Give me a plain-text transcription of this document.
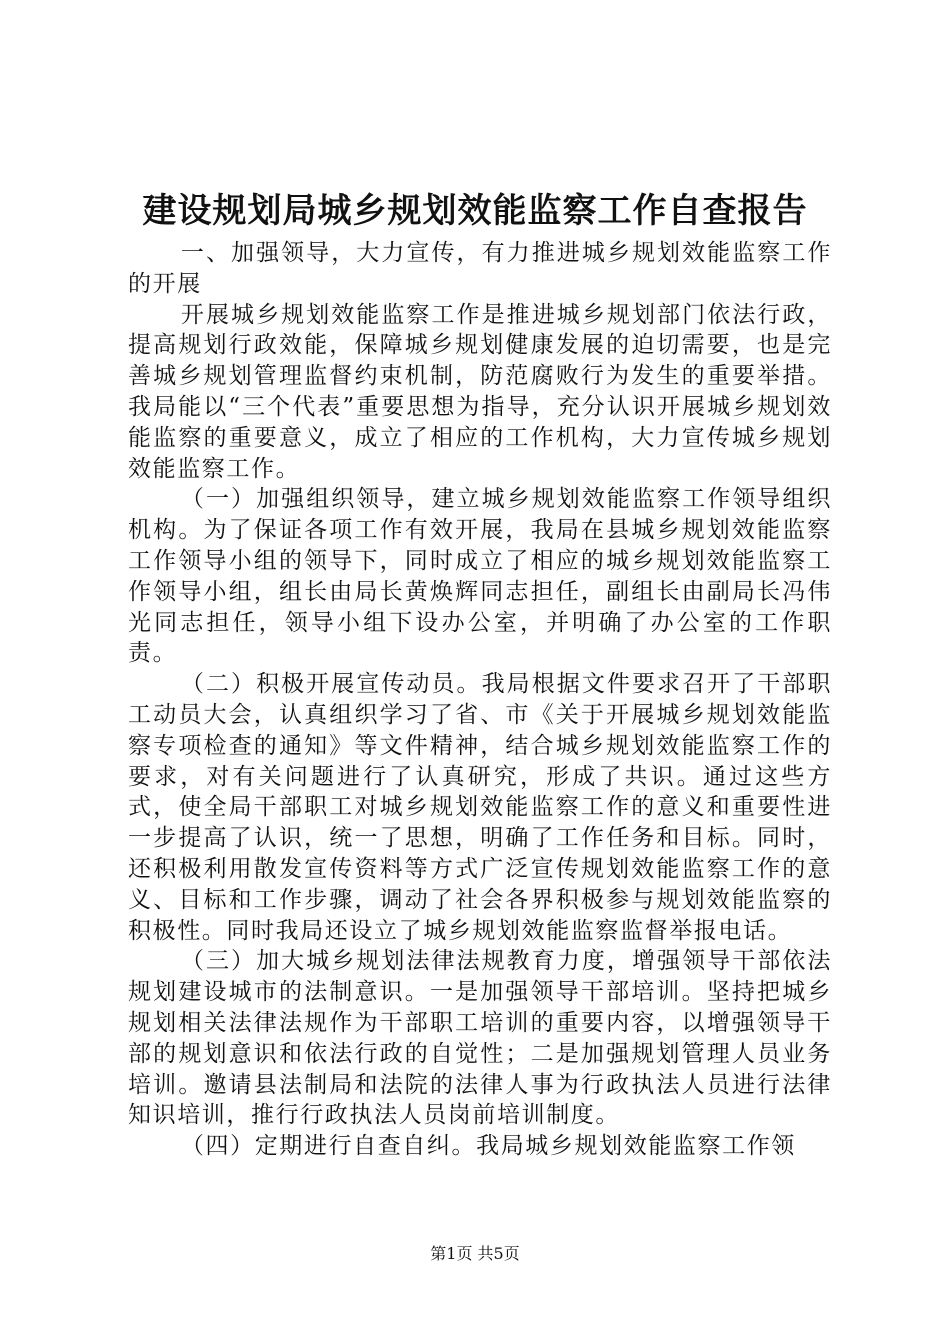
建设规划局城乡规划效能监察工作自查报告

一、加强领导，大力宣传，有力推进城乡规划效能监察工作的开展

开展城乡规划效能监察工作是推进城乡规划部门依法行政，提高规划行政效能，保障城乡规划健康发展的迫切需要，也是完善城乡规划管理监督约束机制，防范腐败行为发生的重要举措。我局能以“三个代表”重要思想为指导，充分认识开展城乡规划效能监察的重要意义，成立了相应的工作机构，大力宣传城乡规划效能监察工作。

（一）加强组织领导，建立城乡规划效能监察工作领导组织机构。为了保证各项工作有效开展，我局在县城乡规划效能监察工作领导小组的领导下，同时成立了相应的城乡规划效能监察工作领导小组，组长由局长黄焕辉同志担任，副组长由副局长冯伟光同志担任，领导小组下设办公室，并明确了办公室的工作职责。

（二）积极开展宣传动员。我局根据文件要求召开了干部职工动员大会，认真组织学习了省、市《关于开展城乡规划效能监察专项检查的通知》等文件精神，结合城乡规划效能监察工作的要求，对有关问题进行了认真研究，形成了共识。通过这些方式，使全局干部职工对城乡规划效能监察工作的意义和重要性进一步提高了认识，统一了思想，明确了工作任务和目标。同时，还积极利用散发宣传资料等方式广泛宣传规划效能监察工作的意义、目标和工作步骤，调动了社会各界积极参与规划效能监察的积极性。同时我局还设立了城乡规划效能监察监督举报电话。

（三）加大城乡规划法律法规教育力度，增强领导干部依法规划建设城市的法制意识。一是加强领导干部培训。坚持把城乡规划相关法律法规作为干部职工培训的重要内容，以增强领导干部的规划意识和依法行政的自觉性；二是加强规划管理人员业务培训。邀请县法制局和法院的法律人事为行政执法人员进行法律知识培训，推行行政执法人员岗前培训制度。

（四）定期进行自查自纠。我局城乡规划效能监察工作领

第1页 共5页
